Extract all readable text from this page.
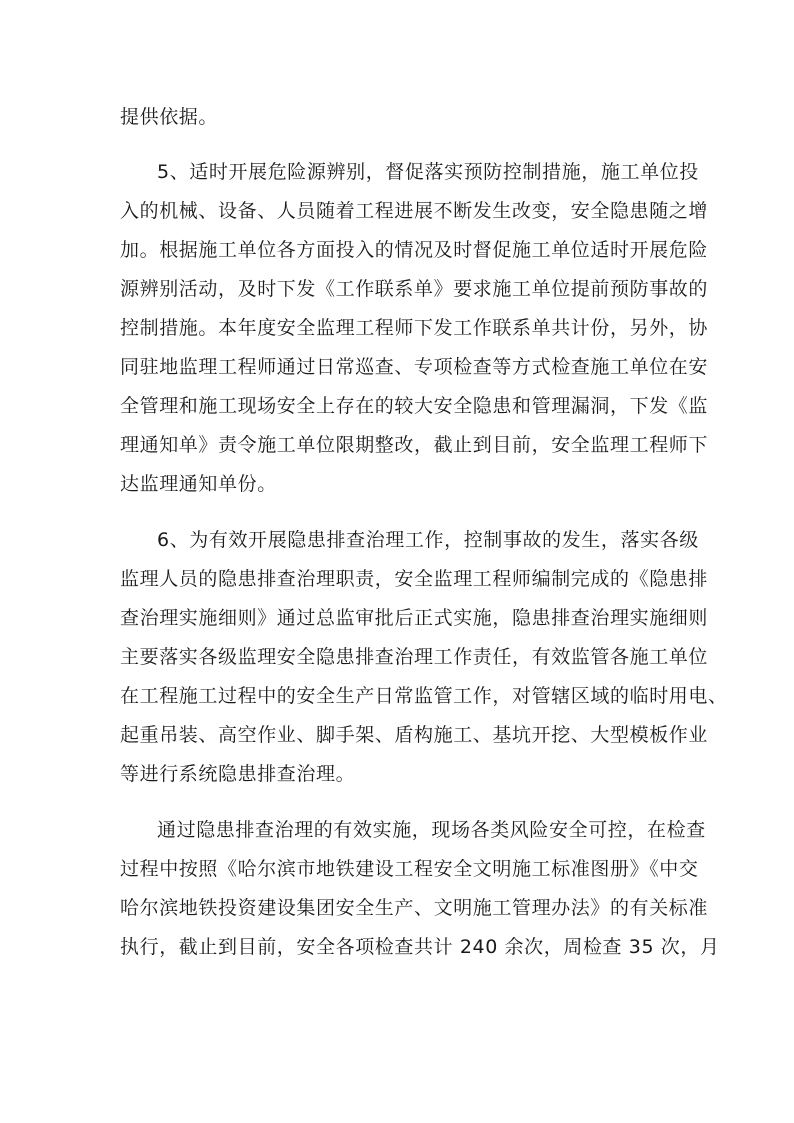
提供依据。
5、适时开展危险源辨别，督促落实预防控制措施，施工单位投
入的机械、设备、人员随着工程进展不断发生改变，安全隐患随之增
加。根据施工单位各方面投入的情况及时督促施工单位适时开展危险
源辨别活动，及时下发《工作联系单》要求施工单位提前预防事故的
控制措施。本年度安全监理工程师下发工作联系单共计份，另外，协
同驻地监理工程师通过日常巡查、专项检查等方式检查施工单位在安
全管理和施工现场安全上存在的较大安全隐患和管理漏洞，下发《监
理通知单》责令施工单位限期整改，截止到目前，安全监理工程师下
达监理通知单份。
6、为有效开展隐患排查治理工作，控制事故的发生，落实各级
监理人员的隐患排查治理职责，安全监理工程师编制完成的《隐患排
查治理实施细则》通过总监审批后正式实施，隐患排查治理实施细则
主要落实各级监理安全隐患排查治理工作责任，有效监管各施工单位
在工程施工过程中的安全生产日常监管工作，对管辖区域的临时用电、
起重吊装、高空作业、脚手架、盾构施工、基坑开挖、大型模板作业
等进行系统隐患排查治理。
通过隐患排查治理的有效实施，现场各类风险安全可控，在检查
过程中按照《哈尔滨市地铁建设工程安全文明施工标准图册》《中交
哈尔滨地铁投资建设集团安全生产、文明施工管理办法》的有关标准
执行，截止到目前，安全各项检查共计 240 余次，周检查 35 次，月
